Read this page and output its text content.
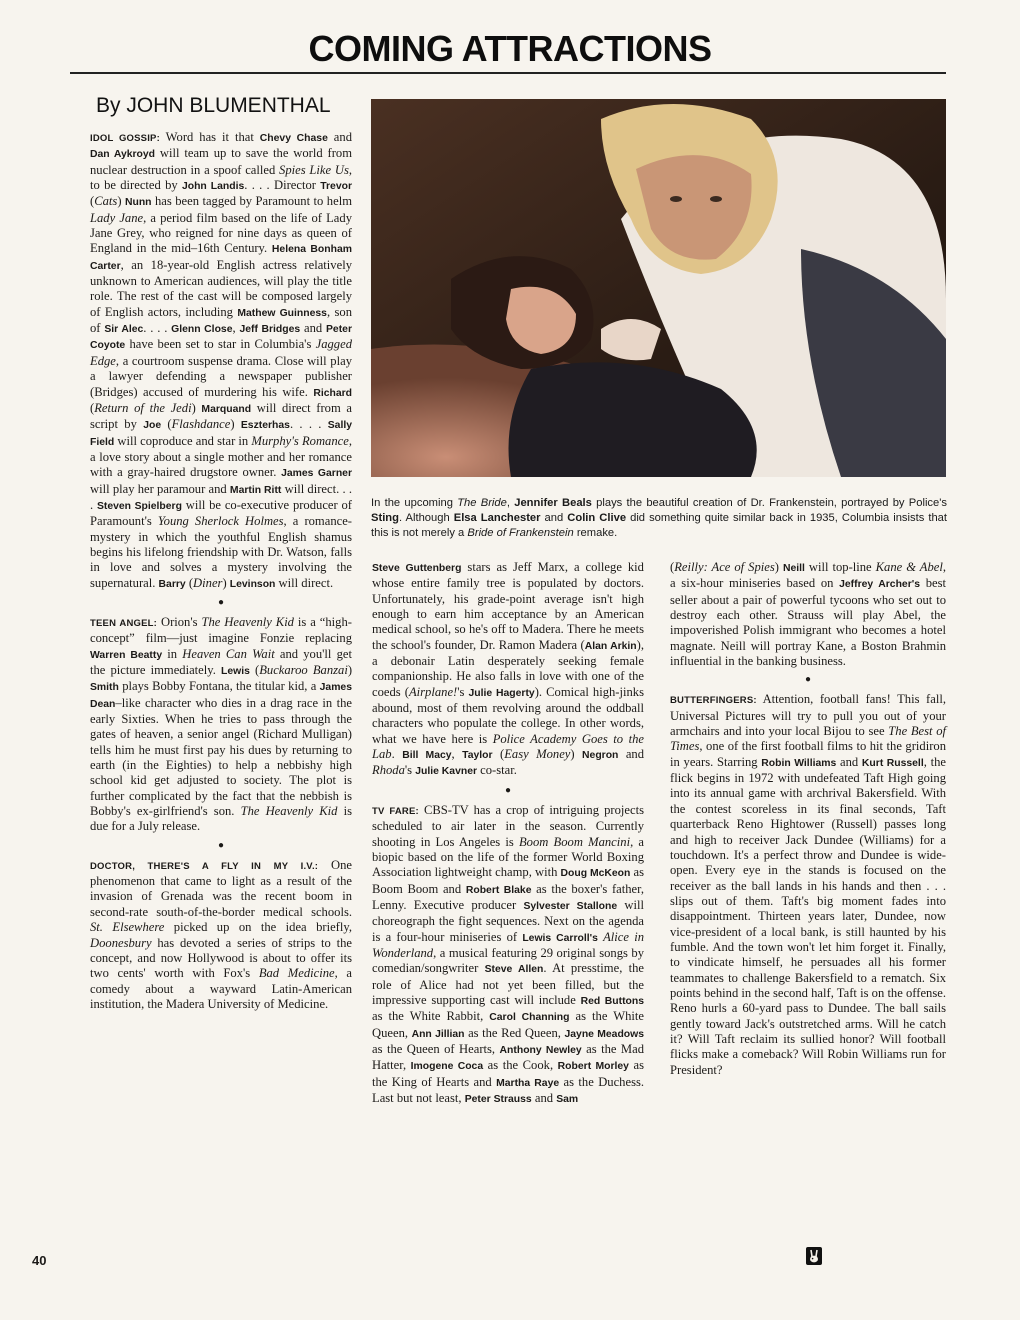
COMING ATTRACTIONS
By JOHN BLUMENTHAL

IDOL GOSSIP: Word has it that Chevy Chase and Dan Aykroyd will team up to save the world from nuclear destruction in a spoof called Spies Like Us, to be directed by John Landis. . . . Director Trevor (Cats) Nunn has been tagged by Paramount to helm Lady Jane, a period film based on the life of Lady Jane Grey, who reigned for nine days as queen of England in the mid–16th Century. Helena Bonham Carter, an 18-year-old English actress relatively unknown to American audiences, will play the title role. The rest of the cast will be composed largely of English actors, including Mathew Guinness, son of Sir Alec. . . . Glenn Close, Jeff Bridges and Peter Coyote have been set to star in Columbia's Jagged Edge, a courtroom suspense drama. Close will play a lawyer defending a newspaper publisher (Bridges) accused of murdering his wife. Richard (Return of the Jedi) Marquand will direct from a script by Joe (Flashdance) Eszterhas. . . . Sally Field will coproduce and star in Murphy's Romance, a love story about a single mother and her romance with a gray-haired drugstore owner. James Garner will play her paramour and Martin Ritt will direct. . . . Steven Spielberg will be co-executive producer of Paramount's Young Sherlock Holmes, a romance-mystery in which the youthful English shamus begins his lifelong friendship with Dr. Watson, falls in love and solves a mystery involving the supernatural. Barry (Diner) Levinson will direct.

●

TEEN ANGEL: Orion's The Heavenly Kid is a “high-concept” film—just imagine Fonzie replacing Warren Beatty in Heaven Can Wait and you'll get the picture immediately. Lewis (Buckaroo Banzai) Smith plays Bobby Fontana, the titular kid, a James Dean–like character who dies in a drag race in the early Sixties. When he tries to pass through the gates of heaven, a senior angel (Richard Mulligan) tells him he must first pay his dues by returning to earth (in the Eighties) to help a nebbishy high school kid get adjusted to society. The plot is further complicated by the fact that the nebbish is Bobby's ex-girlfriend's son. The Heavenly Kid is due for a July release.

●

DOCTOR, THERE'S A FLY IN MY I.V.: One phenomenon that came to light as a result of the invasion of Grenada was the recent boom in second-rate south-of-the-border medical schools. St. Elsewhere picked up on the idea briefly, Doonesbury has devoted a series of strips to the concept, and now Hollywood is about to offer its two cents' worth with Fox's Bad Medicine, a comedy about a wayward Latin-American institution, the Madera University of Medicine.

In the upcoming The Bride, Jennifer Beals plays the beautiful creation of Dr. Frankenstein, portrayed by Police's Sting. Although Elsa Lanchester and Colin Clive did something quite similar back in 1935, Columbia insists that this is not merely a Bride of Frankenstein remake.

Steve Guttenberg stars as Jeff Marx, a college kid whose entire family tree is populated by doctors. Unfortunately, his grade-point average isn't high enough to earn him acceptance by an American medical school, so he's off to Madera. There he meets the school's founder, Dr. Ramon Madera (Alan Arkin), a debonair Latin desperately seeking female companionship. He also falls in love with one of the coeds (Airplane!'s Julie Hagerty). Comical high-jinks abound, most of them revolving around the oddball characters who populate the college. In other words, what we have here is Police Academy Goes to the Lab. Bill Macy, Taylor (Easy Money) Negron and Rhoda's Julie Kavner co-star.

●

TV FARE: CBS-TV has a crop of intriguing projects scheduled to air later in the season. Currently shooting in Los Angeles is Boom Boom Mancini, a biopic based on the life of the former World Boxing Association lightweight champ, with Doug McKeon as Boom Boom and Robert Blake as the boxer's father, Lenny. Executive producer Sylvester Stallone will choreograph the fight sequences. Next on the agenda is a four-hour miniseries of Lewis Carroll's Alice in Wonderland, a musical featuring 29 original songs by comedian/songwriter Steve Allen. At presstime, the role of Alice had not yet been filled, but the impressive supporting cast will include Red Buttons as the White Rabbit, Carol Channing as the White Queen, Ann Jillian as the Red Queen, Jayne Meadows as the Queen of Hearts, Anthony Newley as the Mad Hatter, Imogene Coca as the Cook, Robert Morley as the King of Hearts and Martha Raye as the Duchess. Last but not least, Peter Strauss and Sam

(Reilly: Ace of Spies) Neill will top-line Kane & Abel, a six-hour miniseries based on Jeffrey Archer's best seller about a pair of powerful tycoons who set out to destroy each other. Strauss will play Abel, the impoverished Polish immigrant who becomes a hotel magnate. Neill will portray Kane, a Boston Brahmin influential in the banking business.

●

BUTTERFINGERS: Attention, football fans! This fall, Universal Pictures will try to pull you out of your armchairs and into your local Bijou to see The Best of Times, one of the first football films to hit the gridiron in years. Starring Robin Williams and Kurt Russell, the flick begins in 1972 with undefeated Taft High going into its annual game with archrival Bakersfield. With the contest scoreless in its final seconds, Taft quarterback Reno Hightower (Russell) passes long and high to receiver Jack Dundee (Williams) for a touchdown. It's a perfect throw and Dundee is wide-open. Every eye in the stands is focused on the receiver as the ball lands in his hands and then . . . slips out of them. Taft's big moment fades into disappointment. Thirteen years later, Dundee, now vice-president of a local bank, is still haunted by his fumble. And the town won't let him forget it. Finally, to vindicate himself, he persuades all his former teammates to challenge Bakersfield to a rematch. Six points behind in the second half, Taft is on the offense. Reno hurls a 60-yard pass to Dundee. The ball sails gently toward Jack's outstretched arms. Will he catch it? Will Taft reclaim its sullied honor? Will football flicks make a comeback? Will Robin Williams run for President?

40
